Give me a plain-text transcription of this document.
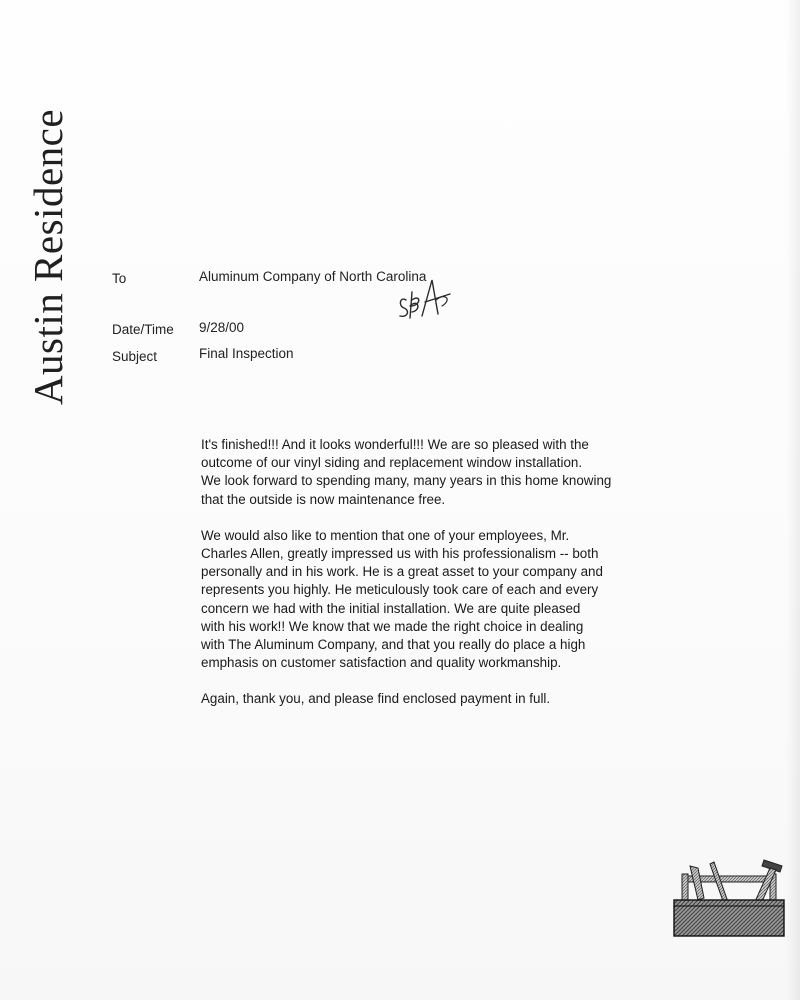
Austin Residence	To	Aluminum Company of North Carolina
Date/Time 9/28/00
Subject	Final Inspection

It's finished!!! And it looks wonderful!!! We are so pleased with the
outcome of our vinyl siding and replacement window installation.
We look forward to spending many, many years in this home knowing
that the outside is now maintenance free.

We would also like to mention that one of your employees, Mr.
Charles Allen, greatly impressed us with his professionalism -- both
personally and in his work. He is a great asset to your company and
represents you highly. He meticulously took care of each and every
concern we had with the initial installation. We are quite pleased
with his work!! We know that we made the right choice in dealing
with The Aluminum Company, and that you really do place a high
emphasis on customer satisfaction and quality workmanship.

Again, thank you, and please find enclosed payment in full.
